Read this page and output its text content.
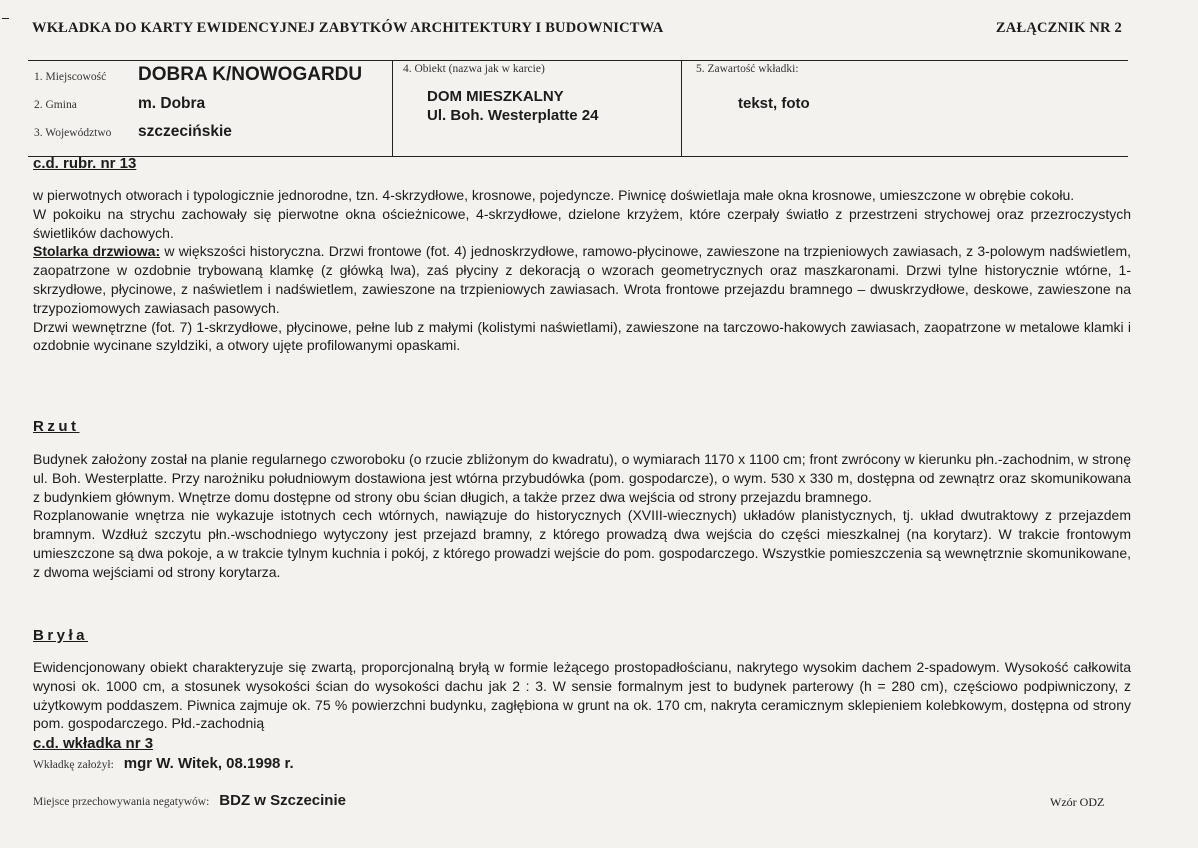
WKŁADKA DO KARTY EWIDENCYJNEJ ZABYTKÓW ARCHITEKTURY I BUDOWNICTWA	ZAŁĄCZNIK NR 2
1. Miejscowość	DOBRA K/NOWOGARDU
2. Gmina	m. Dobra
3. Województwo	szczecińskie
4. Obiekt (nazwa jak w karcie)
DOM MIESZKALNY
Ul. Boh. Westerplatte 24
5. Zawartość wkładki:
tekst, foto
c.d. rubr. nr 13

w pierwotnych otworach i typologicznie jednorodne, tzn. 4-skrzydłowe, krosnowe, pojedyncze. Piwnicę doświetlaja małe okna krosnowe, umieszczone w obrębie cokołu.

W pokoiku na strychu zachowały się pierwotne okna ościeżnicowe, 4-skrzydłowe, dzielone krzyżem, które czerpały światło z przestrzeni strychowej oraz przezroczystych świetlików dachowych.

Stolarka drzwiowa: w większości historyczna. Drzwi frontowe (fot. 4) jednoskrzydłowe, ramowo-płycinowe, zawieszone na trzpieniowych zawiasach, z 3-polowym nadświetlem, zaopatrzone w ozdobnie trybowaną klamkę (z główką lwa), zaś płyciny z dekoracją o wzorach geometrycznych oraz maszkaronami. Drzwi tylne historycznie wtórne, 1-skrzydłowe, płycinowe, z naświetlem i nadświetlem, zawieszone na trzpieniowych zawiasach. Wrota frontowe przejazdu bramnego – dwuskrzydłowe, deskowe, zawieszone na trzypoziomowych zawiasach pasowych.

Drzwi wewnętrzne (fot. 7) 1-skrzydłowe, płycinowe, pełne lub z małymi (kolistymi naświetlami), zawieszone na tarczowo-hakowych zawiasach, zaopatrzone w metalowe klamki i ozdobnie wycinane szyldziki, a otwory ujęte profilowanymi opaskami.

Rzut

Budynek założony został na planie regularnego czworoboku (o rzucie zbliżonym do kwadratu), o wymiarach 1170 x 1100 cm; front zwrócony w kierunku płn.-zachodnim, w stronę ul. Boh. Westerplatte. Przy narożniku południowym dostawiona jest wtórna przybudówka (pom. gospodarcze), o wym. 530 x 330 m, dostępna od zewnątrz oraz skomunikowana z budynkiem głównym. Wnętrze domu dostępne od strony obu ścian długich, a także przez dwa wejścia od strony przejazdu bramnego.

Rozplanowanie wnętrza nie wykazuje istotnych cech wtórnych, nawiązuje do historycznych (XVIII-wiecznych) układów planistycznych, tj. układ dwutraktowy z przejazdem bramnym. Wzdłuż szczytu płn.-wschodniego wytyczony jest przejazd bramny, z którego prowadzą dwa wejścia do części mieszkalnej (na korytarz). W trakcie frontowym umieszczone są dwa pokoje, a w trakcie tylnym kuchnia i pokój, z którego prowadzi wejście do pom. gospodarczego. Wszystkie pomieszczenia są wewnętrznie skomunikowane, z dwoma wejściami od strony korytarza.

Bryła

Ewidencjonowany obiekt charakteryzuje się zwartą, proporcjonalną bryłą w formie leżącego prostopadłościanu, nakrytego wysokim dachem 2-spadowym. Wysokość całkowita wynosi ok. 1000 cm, a stosunek wysokości ścian do wysokości dachu jak 2 : 3. W sensie formalnym jest to budynek parterowy (h = 280 cm), częściowo podpiwniczony, z użytkowym poddaszem. Piwnica zajmuje ok. 75 % powierzchni budynku, zagłębiona w grunt na ok. 170 cm, nakryta ceramicznym sklepieniem kolebkowym, dostępna od strony pom. gospodarczego. Płd.-zachodnią

c.d. wkładka nr 3
Wkładkę założył: mgr W. Witek, 08.1998 r.
Miejsce przechowywania negatywów: BDZ w Szczecinie	Wzór ODZ
